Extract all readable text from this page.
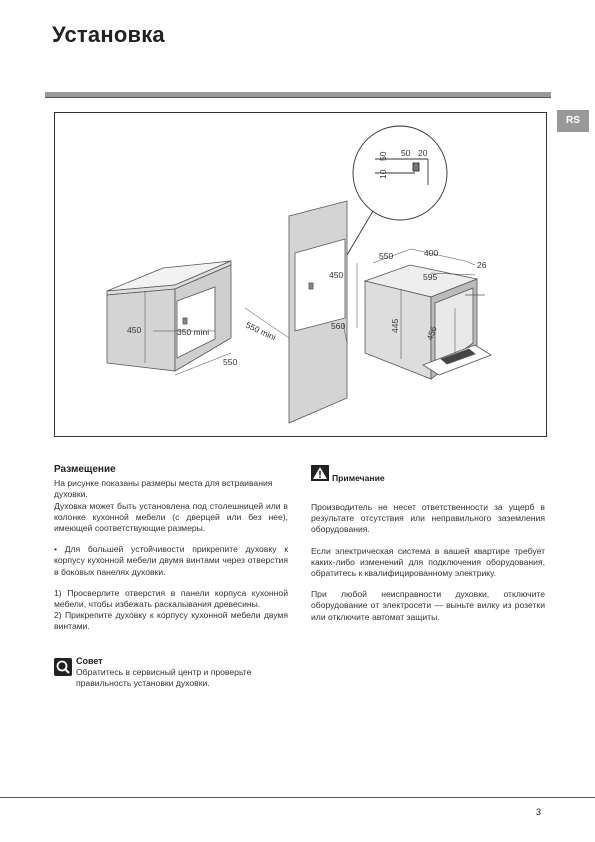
Установка
RS
50 20
50
10
450	350 mini
550
550 mini	560
450
550	400
26
595
445	456
Размещение

На рисунке показаны размеры места для встраивания духовки.

Духовка может быть установлена под столешницей или в колонке кухонной мебели (с дверцей или без нее), имеющей соответствующие размеры.

• Для большей устойчивости прикрепите духовку к корпусу кухонной мебели двумя винтами через отверстия в боковых панелях духовки.

1) Просверлите отверстия в панели корпуса кухонной мебели, чтобы избежать раскалывания древесины.

2) Прикрепите духовку к корпусу кухонной мебели двумя винтами.

Совет
Обратитесь в сервисный центр и проверьте правильность установки духовки.
Примечание

Производитель не несет ответственности за ущерб в результате отсутствия или неправильного заземления оборудования.

Если электрическая система в вашей квартире требует каких-либо изменений для подключения оборудования, обратитесь к квалифицированному электрику.

При любой неисправности духовки, отключите оборудование от электросети — выньте вилку из розетки или отключите автомат защиты.

3
